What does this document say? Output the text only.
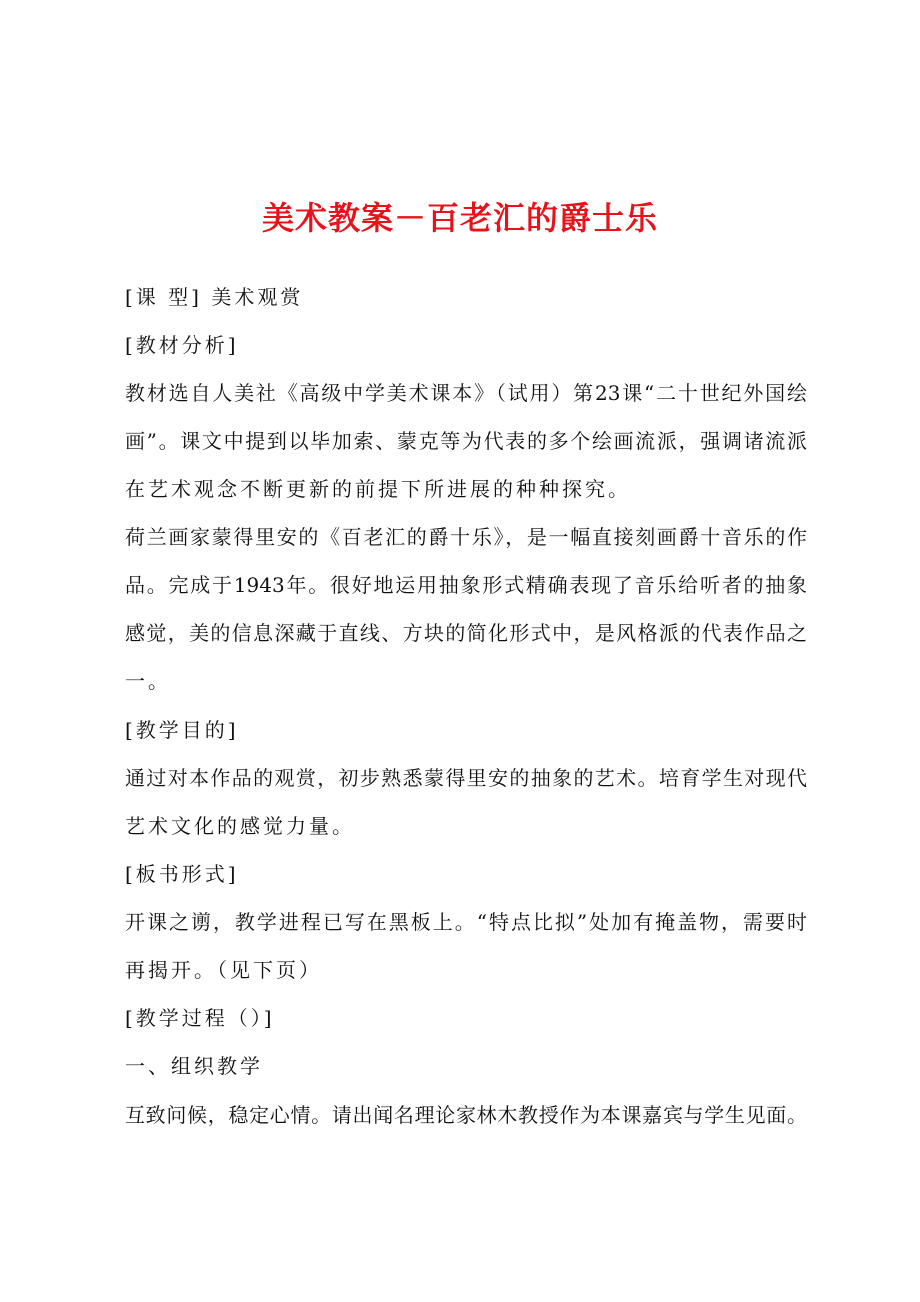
美术教案－百老汇的爵士乐
[课 型] 美术观赏
[教材分析]
教材选自人美社《高级中学美术课本》（试用）第23课“二十世纪外国绘
画”。课文中提到以毕加索、蒙克等为代表的多个绘画流派，强调诸流派
在艺术观念不断更新的前提下所进展的种种探究。
荷兰画家蒙得里安的《百老汇的爵十乐》，是一幅直接刻画爵十音乐的作
品。完成于1943年。很好地运用抽象形式精确表现了音乐给听者的抽象
感觉，美的信息深藏于直线、方块的简化形式中，是风格派的代表作品之
一。
[教学目的]
通过对本作品的观赏，初步熟悉蒙得里安的抽象的艺术。培育学生对现代
艺术文化的感觉力量。
[板书形式]
开课之谫，教学进程已写在黑板上。“特点比拟”处加有掩盖物，需要时
再揭开。（见下页）
[教学过程（）]
一、组织教学
互致问候，稳定心情。请出闻名理论家林木教授作为本课嘉宾与学生见面。
